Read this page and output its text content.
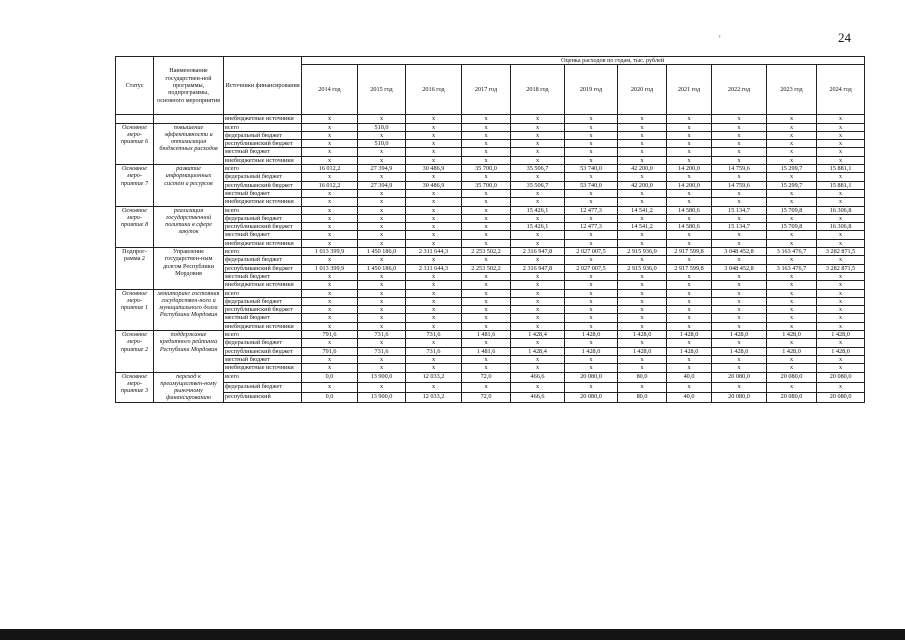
'	24
Статус	Наименование государствен-ной программы, подпрограммы, основного мероприятия	Источники финансирования	Оценка расходов по годам, тыс. рублей										
			2014 год	2015 год	2016 год	2017 год	2018 год	2019 год	2020 год	2021 год	2022 год	2023 год	2024 год
		внебюджетные источники	x	x	x	x	x	x	x	x	x	x	x
Основное меро-приятие 6	повышение эффективности и оптимизация бюджетных расходов	всего	x	510,0	x	x	x	x	x	x	x	x	x
		федеральный бюджет	x	x	x	x	x	x	x	x	x	x	x
		республиканский бюджет	x	510,0	x	x	x	x	x	x	x	x	x
		местный бюджет	x	x	x	x	x	x	x	x	x	x	x
		внебюджетные источники	x	x	x	x	x	x	x	x	x	x	x
Основное меро-приятие 7	развитие информационных систем и ресурсов	всего	16 012,2	27 394,9	30 486,9	35 700,0	35 506,7	53 740,0	42 200,0	14 200,0	14 759,6	15 299,7	15 881,1
		федеральный бюджет	x	x	x	x	x	x	x	x	x	x	x
		республиканский бюджет	16 012,2	27 394,9	30 486,9	35 700,0	35 506,7	53 740,0	42 200,0	14 200,0	14 759,6	15 299,7	15 881,1
		местный бюджет	x	x	x	x	x	x	x	x	x	x	x
		внебюджетные источники	x	x	x	x	x	x	x	x	x	x	x
Основное меро-приятие 8	реализация государственной политики в сфере закупок	всего	x	x	x	x	15 426,1	12 477,3	14 541,2	14 580,6	15 134,7	15 709,8	16 306,8
		федеральный бюджет	x	x	x	x	x	x	x	x	x	x	x
		республиканский бюджет	x	x	x	x	15 426,1	12 477,3	14 541,2	14 580,6	15 134,7	15 709,8	16 306,8
		местный бюджет	x	x	x	x	x	x	x	x	x	x	x
		внебюджетные источники	x	x	x	x	x	x	x	x	x	x	x
Подпрог-рамма 2	Управление государствен-ным долгом Республики Мордовия	всего	1 013 399,9	1 450 186,0	2 311 644,3	2 253 502,2	2 316 947,8	2 027 007,5	2 915 936,0	2 917 599,8	3 048 452,8	3 163 476,7	3 282 871,5
		федеральный бюджет	x	x	x	x	x	x	x	x	x	x	x
		республиканский бюджет	1 013 399,9	1 450 186,0	2 311 644,3	2 253 502,2	2 316 947,8	2 027 007,5	2 915 936,0	2 917 599,8	3 048 452,8	3 163 476,7	3 282 871,5
		местный бюджет	x	x	x	x	x	x	x	x	x	x	x
		внебюджетные источники	x	x	x	x	x	x	x	x	x	x	x
Основное меро-приятие 1	мониторинг состояния государствен-ного и муниципального долга Республики Мордовия	всего	x	x	x	x	x	x	x	x	x	x	x
		федеральный бюджет	x	x	x	x	x	x	x	x	x	x	x
		республиканский бюджет	x	x	x	x	x	x	x	x	x	x	x
		местный бюджет	x	x	x	x	x	x	x	x	x	x	x
		внебюджетные источники	x	x	x	x	x	x	x	x	x	x	x
Основное меро-приятие 2	поддержание кредитного рейтинга Республики Мордовия	всего	791,6	731,6	731,6	1 481,6	1 428,4	1 428,0	1 428,0	1 428,0	1 428,0	1 428,0	1 428,0
		федеральный бюджет	x	x	x	x	x	x	x	x	x	x	x
		республиканский бюджет	791,6	731,6	731,6	1 481,6	1 428,4	1 428,0	1 428,0	1 428,0	1 428,0	1 428,0	1 428,0
		местный бюджет	x	x	x	x	x	x	x	x	x	x	x
		внебюджетные источники	x	x	x	x	x	x	x	x	x	x	x
Основное меро-приятие 3	переход к преимуществен-ному рыночному финансированию	всего	0,0	13 900,0	12 033,2	72,0	466,6	20 080,0	80,0	40,0	20 080,0	20 080,0	20 080,0
		федеральный бюджет	x	x	x	x	x	x	x	x	x	x	x
		республиканский	0,0	13 900,0	12 033,2	72,0	466,6	20 080,0	80,0	40,0	20 080,0	20 080,0	20 080,0
